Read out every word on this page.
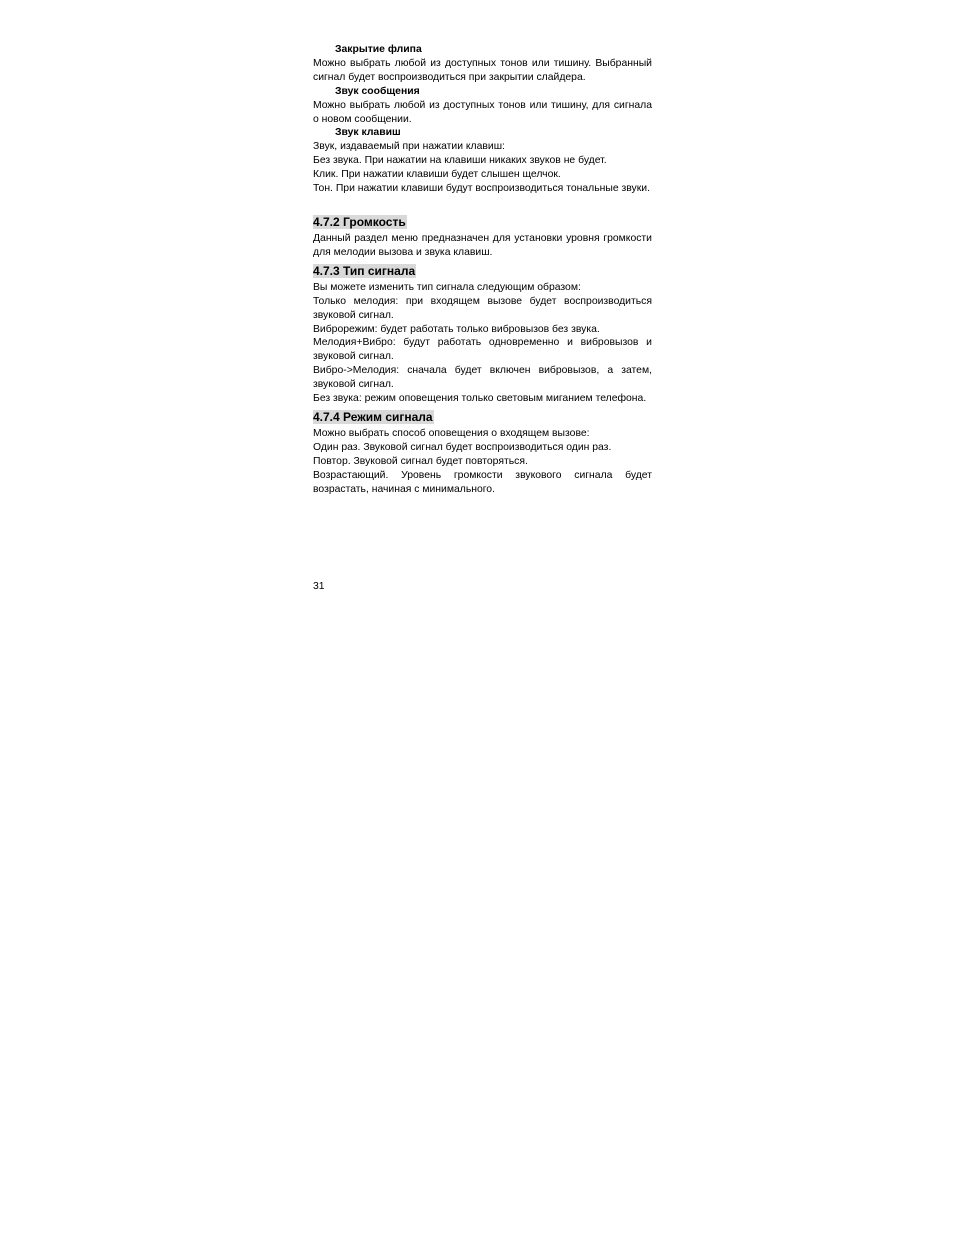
Закрытие флипа
Можно выбрать любой из доступных тонов или тишину. Выбранный сигнал будет воспроизводиться при закрытии слайдера.
Звук сообщения
Можно выбрать любой из доступных тонов или тишину, для сигнала о новом сообщении.
Звук клавиш
Звук, издаваемый при нажатии клавиш:
Без звука. При нажатии на клавиши никаких звуков не будет.
Клик. При нажатии клавиши будет слышен щелчок.
Тон. При нажатии клавиши будут воспроизводиться тональные звуки.
4.7.2 Громкость
Данный раздел меню предназначен для установки уровня громкости для мелодии вызова и звука клавиш.
4.7.3 Тип сигнала
Вы можете изменить тип сигнала следующим образом:
Только мелодия: при входящем вызове будет воспроизводиться звуковой сигнал.
Виброрежим: будет работать только вибровызов без звука.
Мелодия+Вибро: будут работать одновременно и вибровызов и звуковой сигнал.
Вибро->Мелодия: сначала будет включен вибровызов, а затем, звуковой сигнал.
Без звука: режим оповещения только световым миганием телефона.
4.7.4 Режим сигнала
Можно выбрать способ оповещения о входящем вызове:
Один раз. Звуковой сигнал будет воспроизводиться один раз.
Повтор. Звуковой сигнал будет повторяться.
Возрастающий. Уровень громкости звукового сигнала будет возрастать, начиная с минимального.
31
